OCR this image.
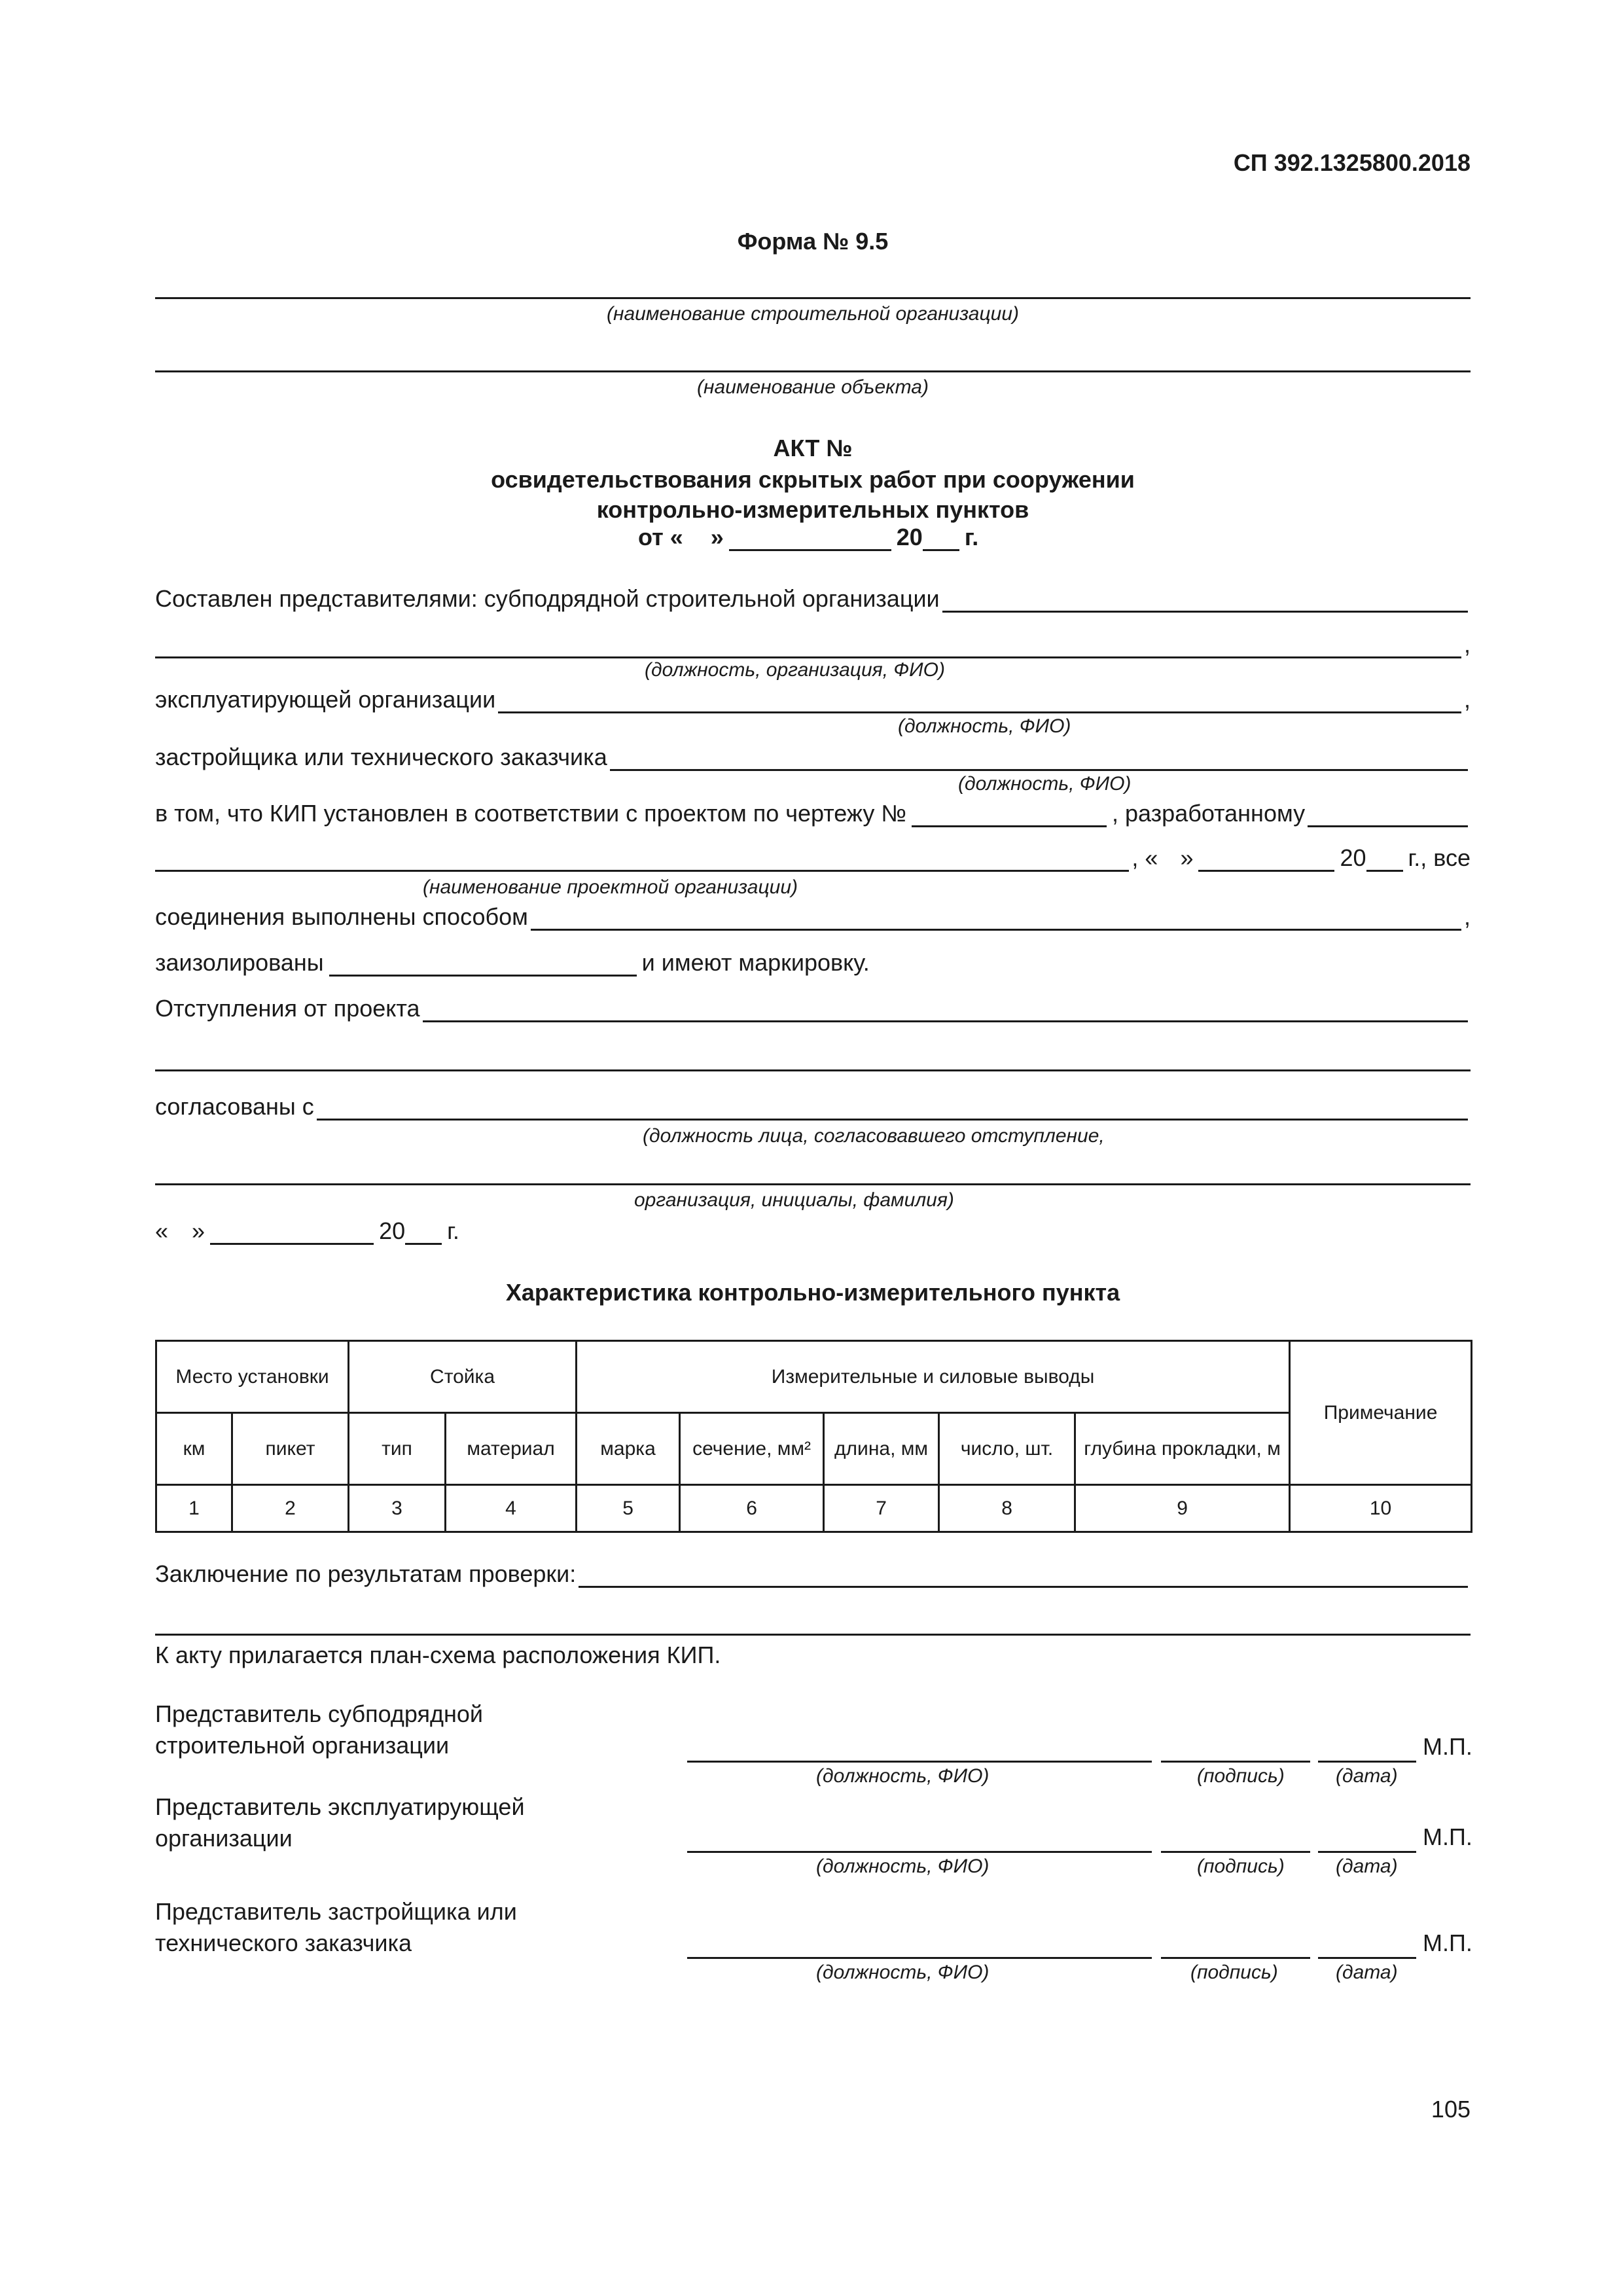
СП 392.1325800.2018
Форма № 9.5
(наименование строительной организации)
(наименование объекта)
АКТ №
освидетельствования скрытых работ при сооружении
контрольно-измерительных пунктов
от « »	20 г.
Составлен представителями: субподрядной строительной организации
,
(должность, организация, ФИО)
эксплуатирующей организации	,
(должность, ФИО)
застройщика или технического заказчика
(должность, ФИО)
в том, что КИП установлен в соответствии с проектом по чертежу №	, разработанному
, « »	20 г., все
(наименование проектной организации)
соединения выполнены способом	,
заизолированы	и имеют маркировку.
Отступления от проекта
согласованы с
(должность лица, согласовавшего отступление,
организация, инициалы, фамилия)
« »	20 г.
Характеристика контрольно-измерительного пункта
Место установки		Стойка		Измерительные и силовые выводы					Примечание
км	пикет	тип	материал	марка	сечение, мм²	длина, мм	число, шт.	глубина прокладки, м	
1	2	3	4	5	6	7	8	9	10
Заключение по результатам проверки:
К акту прилагается план-схема расположения КИП.
Представитель субподрядной
строительной организации	М.П.
(должность, ФИО)	(подпись)	(дата)
Представитель эксплуатирующей
организации	М.П.
(должность, ФИО)	(подпись)	(дата)
Представитель застройщика или
технического заказчика	М.П.
(должность, ФИО)	(подпись)	(дата)
105
